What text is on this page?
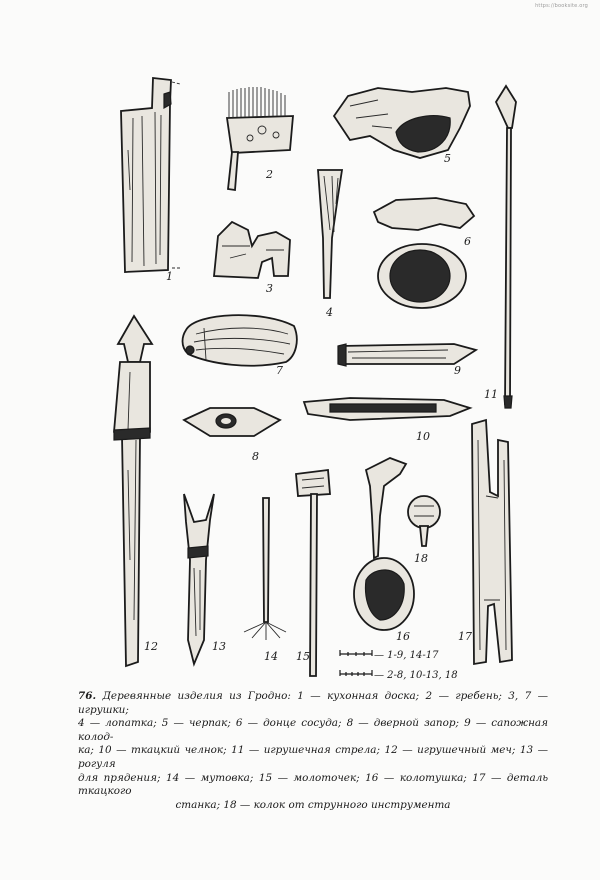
https://booksite.org
1
2
3
4
5
6
7
8
9
10
11
12	13
14 15
16	17
18
— 1-9, 14-17
— 2-8, 10-13, 18
76. Деревянные изделия из Гродно: 1 — кухонная доска; 2 — гребень; 3, 7 — игрушки;
4 — лопатка; 5 — черпак; 6 — донце сосуда; 8 — дверной запор; 9 — сапожная колод-
ка; 10 — ткацкий челнок; 11 — игрушечная стрела; 12 — игрушечный меч; 13 — рогуля
для прядения; 14 — мутовка; 15 — молоточек; 16 — колотушка; 17 — деталь ткацкого
станка; 18 — колок от струнного инструмента
